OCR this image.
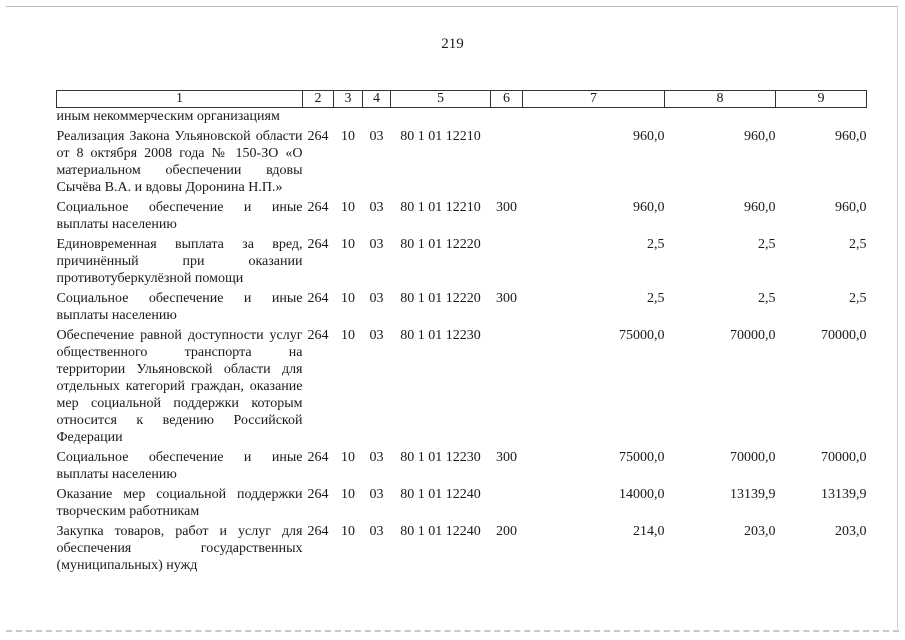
219
1	2	3	4	5	6	7	8	9
иным некоммерческим организациям								
Реализация Закона Ульяновской области от 8 октября 2008 года № 150-ЗО «О материальном обеспечении вдовы Сычёва В.А. и вдовы Доронина Н.П.»	264	10	03	80 1 01 12210		960,0	960,0	960,0
Социальное обеспечение и иные выплаты населению	264	10	03	80 1 01 12210	300	960,0	960,0	960,0
Единовременная выплата за вред, причинённый при оказании противотуберкулёзной помощи	264	10	03	80 1 01 12220		2,5	2,5	2,5
Социальное обеспечение и иные выплаты населению	264	10	03	80 1 01 12220	300	2,5	2,5	2,5
Обеспечение равной доступности услуг общественного транспорта на территории Ульяновской области для отдельных категорий граждан, оказание мер социальной поддержки которым относится к ведению Российской Федерации	264	10	03	80 1 01 12230		75000,0	70000,0	70000,0
Социальное обеспечение и иные выплаты населению	264	10	03	80 1 01 12230	300	75000,0	70000,0	70000,0
Оказание мер социальной поддержки творческим работникам	264	10	03	80 1 01 12240		14000,0	13139,9	13139,9
Закупка товаров, работ и услуг для обеспечения государственных (муниципальных) нужд	264	10	03	80 1 01 12240	200	214,0	203,0	203,0
